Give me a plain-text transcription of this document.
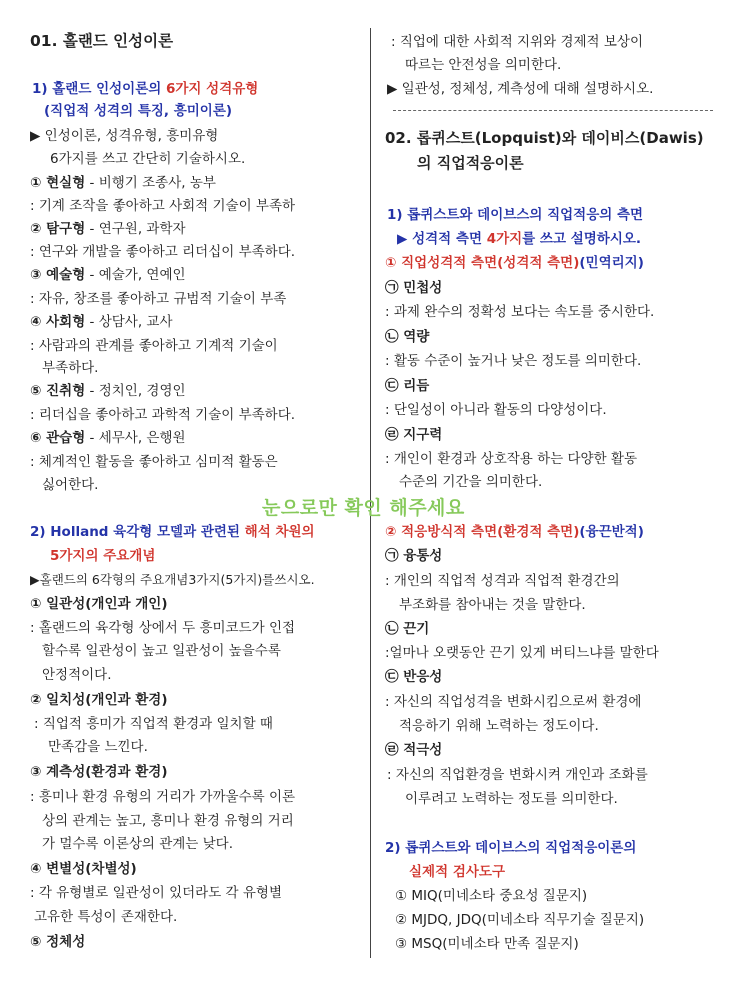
01. 홀랜드 인성이론
1) 홀랜드 인성이론의 6가지 성격유형
(직업적 성격의 특징, 흥미이론)
▶ 인성이론, 성격유형, 흥미유형
6가지를 쓰고 간단히 기술하시오.
① 현실형 - 비행기 조종사, 농부
: 기계 조작을 좋아하고 사회적 기술이 부족하
② 탐구형 - 연구원, 과학자
: 연구와 개발을 좋아하고 리더십이 부족하다.
③ 예술형 - 예술가, 연예인
: 자유, 창조를 좋아하고 규범적 기술이 부족
④ 사회형 - 상담사, 교사
: 사람과의 관계를 좋아하고 기계적 기술이
부족하다.
⑤ 진취형 - 정치인, 경영인
: 리더십을 좋아하고 과학적 기술이 부족하다.
⑥ 관습형 - 세무사, 은행원
: 체계적인 활동을 좋아하고 심미적 활동은
싫어한다.
2) Holland 육각형 모델과 관련된 해석 차원의
5가지의 주요개념
▶홀랜드의 6각형의 주요개념3가지(5가지)를쓰시오.
① 일관성(개인과 개인)
: 홀랜드의 육각형 상에서 두 흥미코드가 인접
할수록 일관성이 높고 일관성이 높을수록
안정적이다.
② 일치성(개인과 환경)
: 직업적 흥미가 직업적 환경과 일치할 때
만족감을 느낀다.
③ 계측성(환경과 환경)
: 흥미나 환경 유형의 거리가 가까울수록 이론
상의 관계는 높고, 흥미나 환경 유형의 거리
가 멀수록 이론상의 관계는 낮다.
④ 변별성(차별성)
: 각 유형별로 일관성이 있더라도 각 유형별
고유한 특성이 존재한다.
⑤ 정체성
: 직업에 대한 사회적 지위와 경제적 보상이
따르는 안전성을 의미한다.
▶ 일관성, 정체성, 계측성에 대해 설명하시오.
02. 롭퀴스트(Lopquist)와 데이비스(Dawis)
의 직업적응이론
1) 롭퀴스트와 데이브스의 직업적응의 측면
▶ 성격적 측면 4가지를 쓰고 설명하시오.
① 직업성격적 측면(성격적 측면)(민역리지)
㉠ 민첩성
: 과제 완수의 정확성 보다는 속도를 중시한다.
㉡ 역량
: 활동 수준이 높거나 낮은 정도를 의미한다.
㉢ 리듬
: 단일성이 아니라 활동의 다양성이다.
㉣ 지구력
: 개인이 환경과 상호작용 하는 다양한 활동
수준의 기간을 의미한다.
② 적응방식적 측면(환경적 측면)(융끈반적)
㉠ 융통성
: 개인의 직업적 성격과 직업적 환경간의
부조화를 참아내는 것을 말한다.
㉡ 끈기
:얼마나 오랫동안 끈기 있게 버티느냐를 말한다
㉢ 반응성
: 자신의 직업성격을 변화시킴으로써 환경에
적응하기 위해 노력하는 정도이다.
㉣ 적극성
: 자신의 직업환경을 변화시켜 개인과 조화를
이루려고 노력하는 정도를 의미한다.
2) 롭퀴스트와 데이브스의 직업적응이론의
실제적 검사도구
① MIQ(미네소타 중요성 질문지)
② MJDQ, JDQ(미네소타 직무기술 질문지)
③ MSQ(미네소타 만족 질문지)
눈으로만 확인 해주세요
